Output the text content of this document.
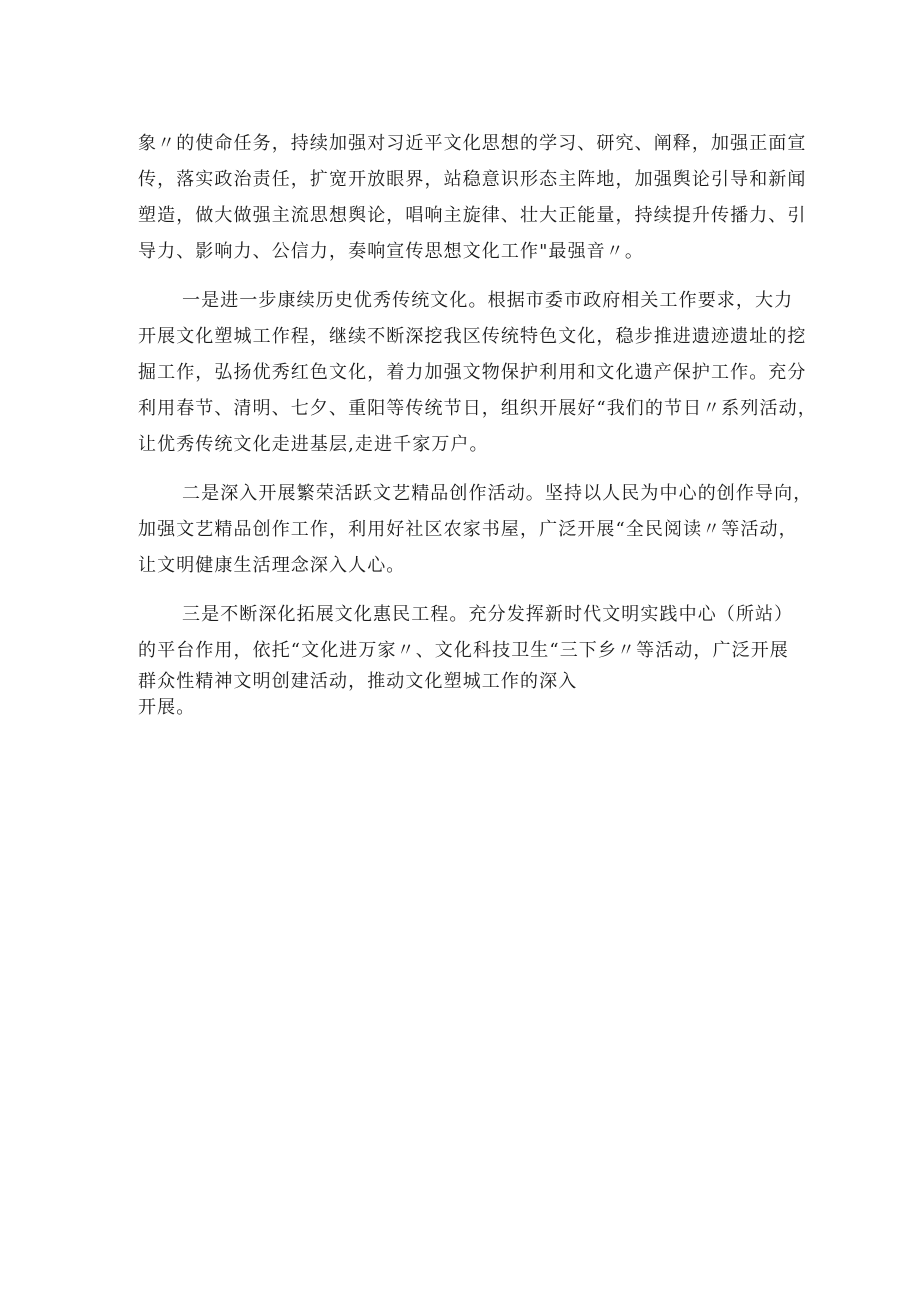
象〃的使命任务，持续加强对习近平文化思想的学习、研究、阐释，加强正面宣
传，落实政治责任，扩宽开放眼界，站稳意识形态主阵地，加强舆论引导和新闻
塑造，做大做强主流思想舆论，唱响主旋律、壮大正能量，持续提升传播力、引
导力、影响力、公信力，奏响宣传思想文化工作"最强音〃。
一是进一步康续历史优秀传统文化。根据市委市政府相关工作要求，大力
开展文化塑城工作程，继续不断深挖我区传统特色文化，稳步推进遗迹遗址的挖
掘工作，弘扬优秀红色文化，着力加强文物保护利用和文化遗产保护工作。充分
利用春节、清明、七夕、重阳等传统节日，组织开展好“我们的节日〃系列活动，
让优秀传统文化走进基层,走进千家万户。
二是深入开展繁荣活跃文艺精品创作活动。坚持以人民为中心的创作导向，
加强文艺精品创作工作，利用好社区农家书屋，广泛开展“全民阅读〃等活动，
让文明健康生活理念深入人心。
三是不断深化拓展文化惠民工程。充分发挥新时代文明实践中心（所站）
的平台作用，依托“文化进万家〃、文化科技卫生“三下乡〃等活动，广泛开展
群众性精神文明创建活动，推动文化塑城工作的深入
开展。
